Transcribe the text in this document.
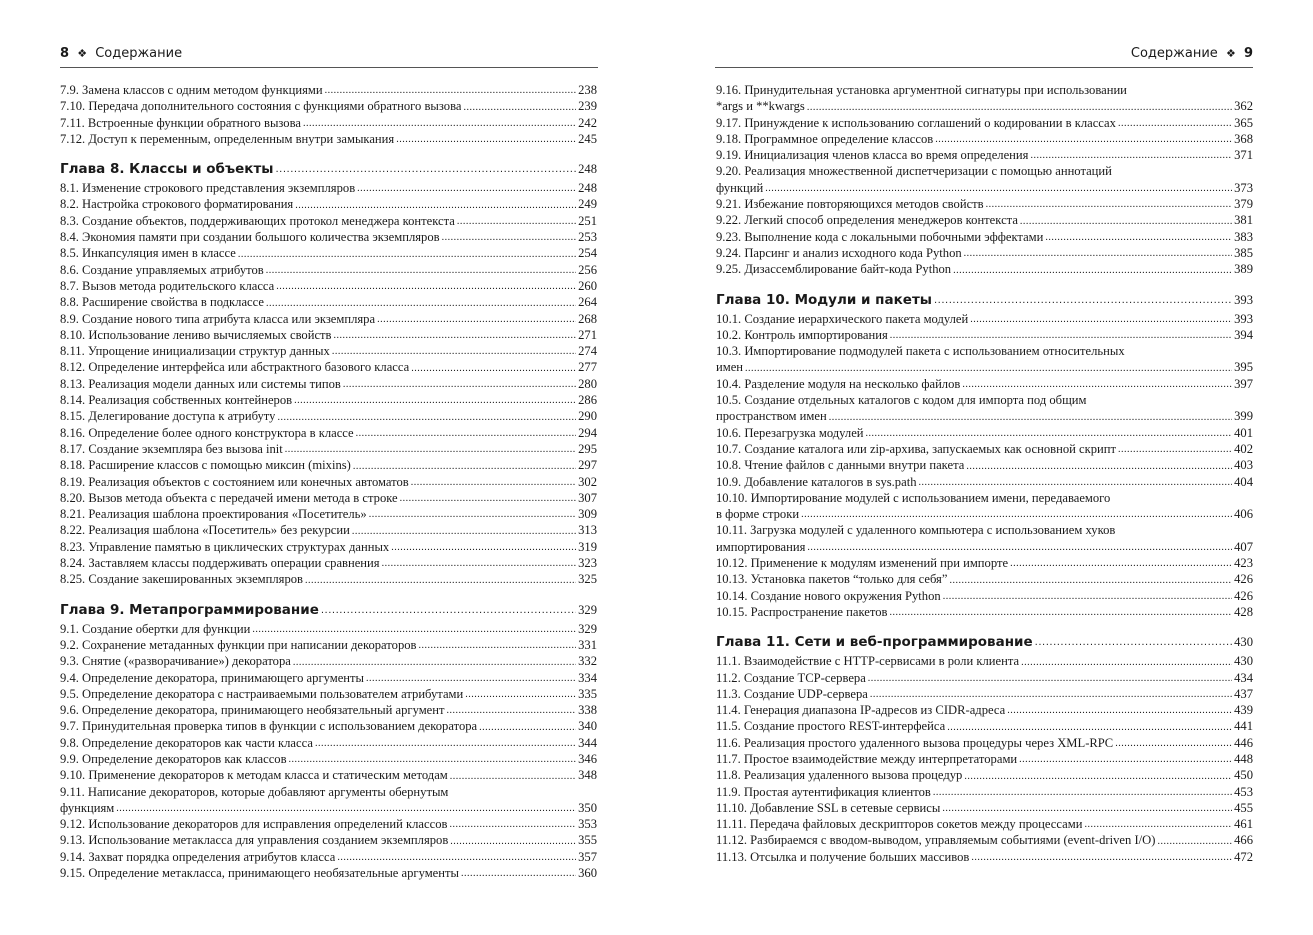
8 ❖ Содержание
7.9. Замена классов с одним методом функциями .....	238
7.10. Передача дополнительного состояния с функциями обратного вызова .....	239
7.11. Встроенные функции обратного вызова .....	242
7.12. Доступ к переменным, определенным внутри замыкания .....	245
Глава 8. Классы и объекты .....	248
8.1. Изменение строкового представления экземпляров .....	248
8.2. Настройка строкового форматирования .....	249
8.3. Создание объектов, поддерживающих протокол менеджера контекста .....	251
8.4. Экономия памяти при создании большого количества экземпляров .....	253
8.5. Инкапсуляция имен в классе .....	254
8.6. Создание управляемых атрибутов .....	256
8.7. Вызов метода родительского класса .....	260
8.8. Расширение свойства в подклассе .....	264
8.9. Создание нового типа атрибута класса или экземпляра .....	268
8.10. Использование лениво вычисляемых свойств .....	271
8.11. Упрощение инициализации структур данных .....	274
8.12. Определение интерфейса или абстрактного базового класса .....	277
8.13. Реализация модели данных или системы типов .....	280
8.14. Реализация собственных контейнеров .....	286
8.15. Делегирование доступа к атрибуту .....	290
8.16. Определение более одного конструктора в классе .....	294
8.17. Создание экземпляра без вызова init .....	295
8.18. Расширение классов с помощью миксин (mixins) .....	297
8.19. Реализация объектов с состоянием или конечных автоматов .....	302
8.20. Вызов метода объекта с передачей имени метода в строке .....	307
8.21. Реализация шаблона проектирования «Посетитель» .....	309
8.22. Реализация шаблона «Посетитель» без рекурсии .....	313
8.23. Управление памятью в циклических структурах данных .....	319
8.24. Заставляем классы поддерживать операции сравнения .....	323
8.25. Создание закешированных экземпляров .....	325
Глава 9. Метапрограммирование .....	329
9.1. Создание обертки для функции .....	329
9.2. Сохранение метаданных функции при написании декораторов .....	331
9.3. Снятие («разворачивание») декоратора .....	332
9.4. Определение декоратора, принимающего аргументы .....	334
9.5. Определение декоратора с настраиваемыми пользователем атрибутами .....	335
9.6. Определение декоратора, принимающего необязательный аргумент .....	338
9.7. Принудительная проверка типов в функции с использованием декоратора .....	340
9.8. Определение декораторов как части класса .....	344
9.9. Определение декораторов как классов .....	346
9.10. Применение декораторов к методам класса и статическим методам .....	348
9.11. Написание декораторов, которые добавляют аргументы обернутым
функциям .....	350
9.12. Использование декораторов для исправления определений классов .....	353
9.13. Использование метакласса для управления созданием экземпляров .....	355
9.14. Захват порядка определения атрибутов класса .....	357
9.15. Определение метакласса, принимающего необязательные аргументы .....	360
Содержание ❖ 9
9.16. Принудительная установка аргументной сигнатуры при использовании
*args и **kwargs .....	362
9.17. Принуждение к использованию соглашений о кодировании в классах .....	365
9.18. Программное определение классов .....	368
9.19. Инициализация членов класса во время определения .....	371
9.20. Реализация множественной диспетчеризации с помощью аннотаций
функций .....	373
9.21. Избежание повторяющихся методов свойств .....	379
9.22. Легкий способ определения менеджеров контекста .....	381
9.23. Выполнение кода с локальными побочными эффектами .....	383
9.24. Парсинг и анализ исходного кода Python .....	385
9.25. Дизассемблирование байт-кода Python .....	389
Глава 10. Модули и пакеты .....	393
10.1. Создание иерархического пакета модулей .....	393
10.2. Контроль импортирования .....	394
10.3. Импортирование подмодулей пакета с использованием относительных
имен .....	395
10.4. Разделение модуля на несколько файлов .....	397
10.5. Создание отдельных каталогов с кодом для импорта под общим
пространством имен .....	399
10.6. Перезагрузка модулей .....	401
10.7. Создание каталога или zip-архива, запускаемых как основной скрипт .....	402
10.8. Чтение файлов с данными внутри пакета .....	403
10.9. Добавление каталогов в sys.path .....	404
10.10. Импортирование модулей с использованием имени, передаваемого
в форме строки .....	406
10.11. Загрузка модулей с удаленного компьютера с использованием хуков
импортирования .....	407
10.12. Применение к модулям изменений при импорте .....	423
10.13. Установка пакетов “только для себя” .....	426
10.14. Создание нового окружения Python .....	426
10.15. Распространение пакетов .....	428
Глава 11. Сети и веб-программирование .....	430
11.1. Взаимодействие с HTTP-сервисами в роли клиента .....	430
11.2. Создание TCP-сервера .....	434
11.3. Создание UDP-сервера .....	437
11.4. Генерация диапазона IP-адресов из CIDR-адреса .....	439
11.5. Создание простого REST-интерфейса .....	441
11.6. Реализация простого удаленного вызова процедуры через XML-RPC .....	446
11.7. Простое взаимодействие между интерпретаторами .....	448
11.8. Реализация удаленного вызова процедур .....	450
11.9. Простая аутентификация клиентов .....	453
11.10. Добавление SSL в сетевые сервисы .....	455
11.11. Передача файловых дескрипторов сокетов между процессами .....	461
11.12. Разбираемся с вводом-выводом, управляемым событиями (event-driven I/O) .....	466
11.13. Отсылка и получение больших массивов .....	472
